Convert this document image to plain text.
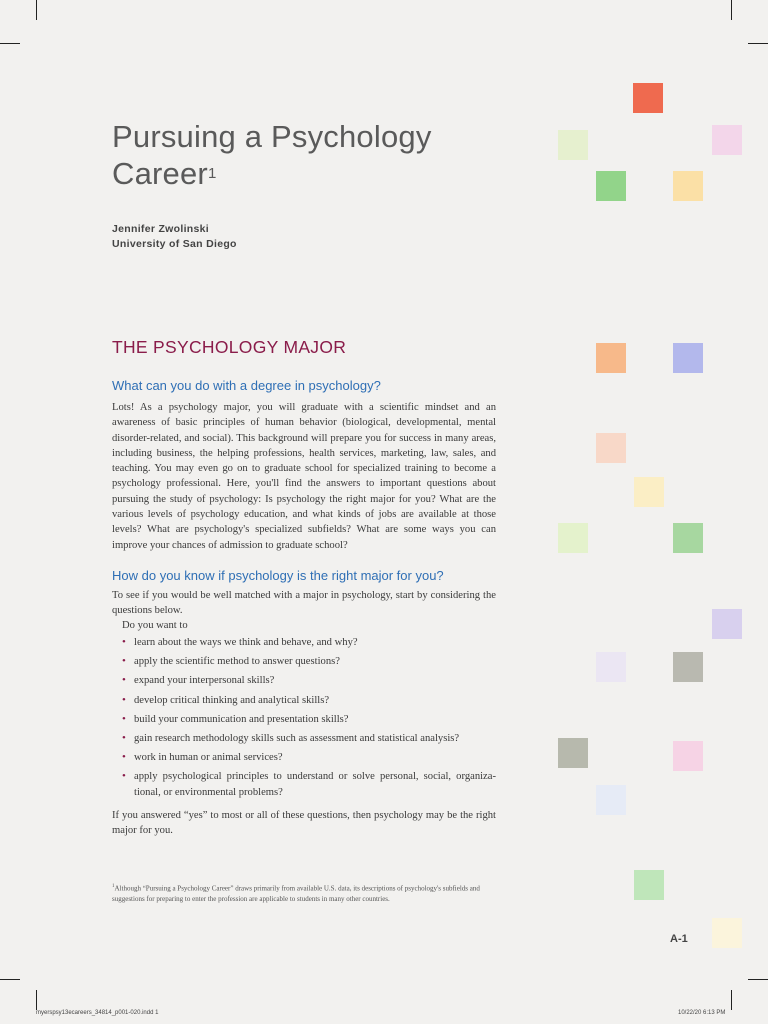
Pursuing a Psychology
Career$^1$
Jennifer Zwolinski
University of San Diego
THE PSYCHOLOGY MAJOR
What can you do with a degree in psychology?

Lots! As a psychology major, you will graduate with a scientific mindset and an awareness of basic principles of human behavior (biological, developmental, mental disorder-related, and social). This background will prepare you for success in many areas, including business, the helping professions, health services, marketing, law, sales, and teaching. You may even go on to graduate school for specialized training to become a psychology professional. Here, you'll find the answers to important questions about pursuing the study of psychology: Is psychology the right major for you? What are the various levels of psychology education, and what kinds of jobs are available at those levels? What are psychology's specialized subfields? What are some ways you can improve your chances of admission to graduate school?

How do you know if psychology is the right major for you?

To see if you would be well matched with a major in psychology, start by considering the questions below.

Do you want to

• learn about the ways we think and behave, and why?
• apply the scientific method to answer questions?
• expand your interpersonal skills?
• develop critical thinking and analytical skills?
• build your communication and presentation skills?
• gain research methodology skills such as assessment and statistical analysis?
• work in human or animal services?
• apply psychological principles to understand or solve personal, social, organizational, or environmental problems?

If you answered “yes” to most or all of these questions, then psychology may be the right major for you.

$^1$Although “Pursuing a Psychology Career” draws primarily from available U.S. data, its descriptions of psychology's subfields and suggestions for preparing to enter the profession are applicable to students in many other countries.

A-1
myerspsy13ecareers_34814_p001-020.indd 1	10/22/20 6:13 PM
